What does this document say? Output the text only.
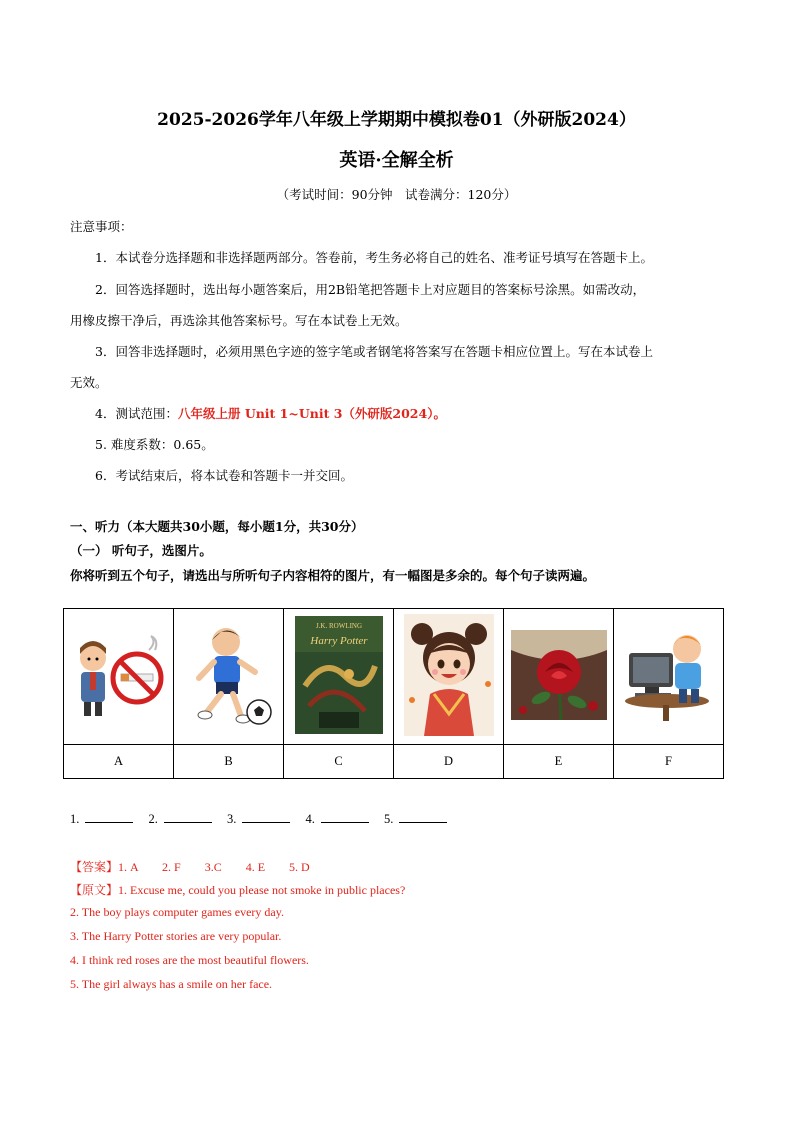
2025-2026学年八年级上学期期中模拟卷01（外研版2024）
英语·全解全析
（考试时间：90分钟　试卷满分：120分）
注意事项：
1．本试卷分选择题和非选择题两部分。答卷前，考生务必将自己的姓名、准考证号填写在答题卡上。
2．回答选择题时，选出每小题答案后，用2B铅笔把答题卡上对应题目的答案标号涂黑。如需改动，
用橡皮擦干净后，再选涂其他答案标号。写在本试卷上无效。
3．回答非选择题时，必须用黑色字迹的签字笔或者钢笔将答案写在答题卡相应位置上。写在本试卷上
无效。
4．测试范围：八年级上册 Unit 1~Unit 3（外研版2024）。
5. 难度系数：0.65。
6．考试结束后，将本试卷和答题卡一并交回。
一、听力（本大题共30小题，每小题1分，共30分）
（一） 听句子，选图片。
你将听到五个句子，请选出与所听句子内容相符的图片，有一幅图是多余的。每个句子读两遍。

J.K. ROWLING
Harry Potter

A	B	C	D	E	F
1.	2.	3.	4.	5.
【答案】1. A        2. F        3.C        4. E        5. D
【原文】1. Excuse me, could you please not smoke in public places?
2. The boy plays computer games every day.
3. The Harry Potter stories are very popular.
4. I think red roses are the most beautiful flowers.
5. The girl always has a smile on her face.
